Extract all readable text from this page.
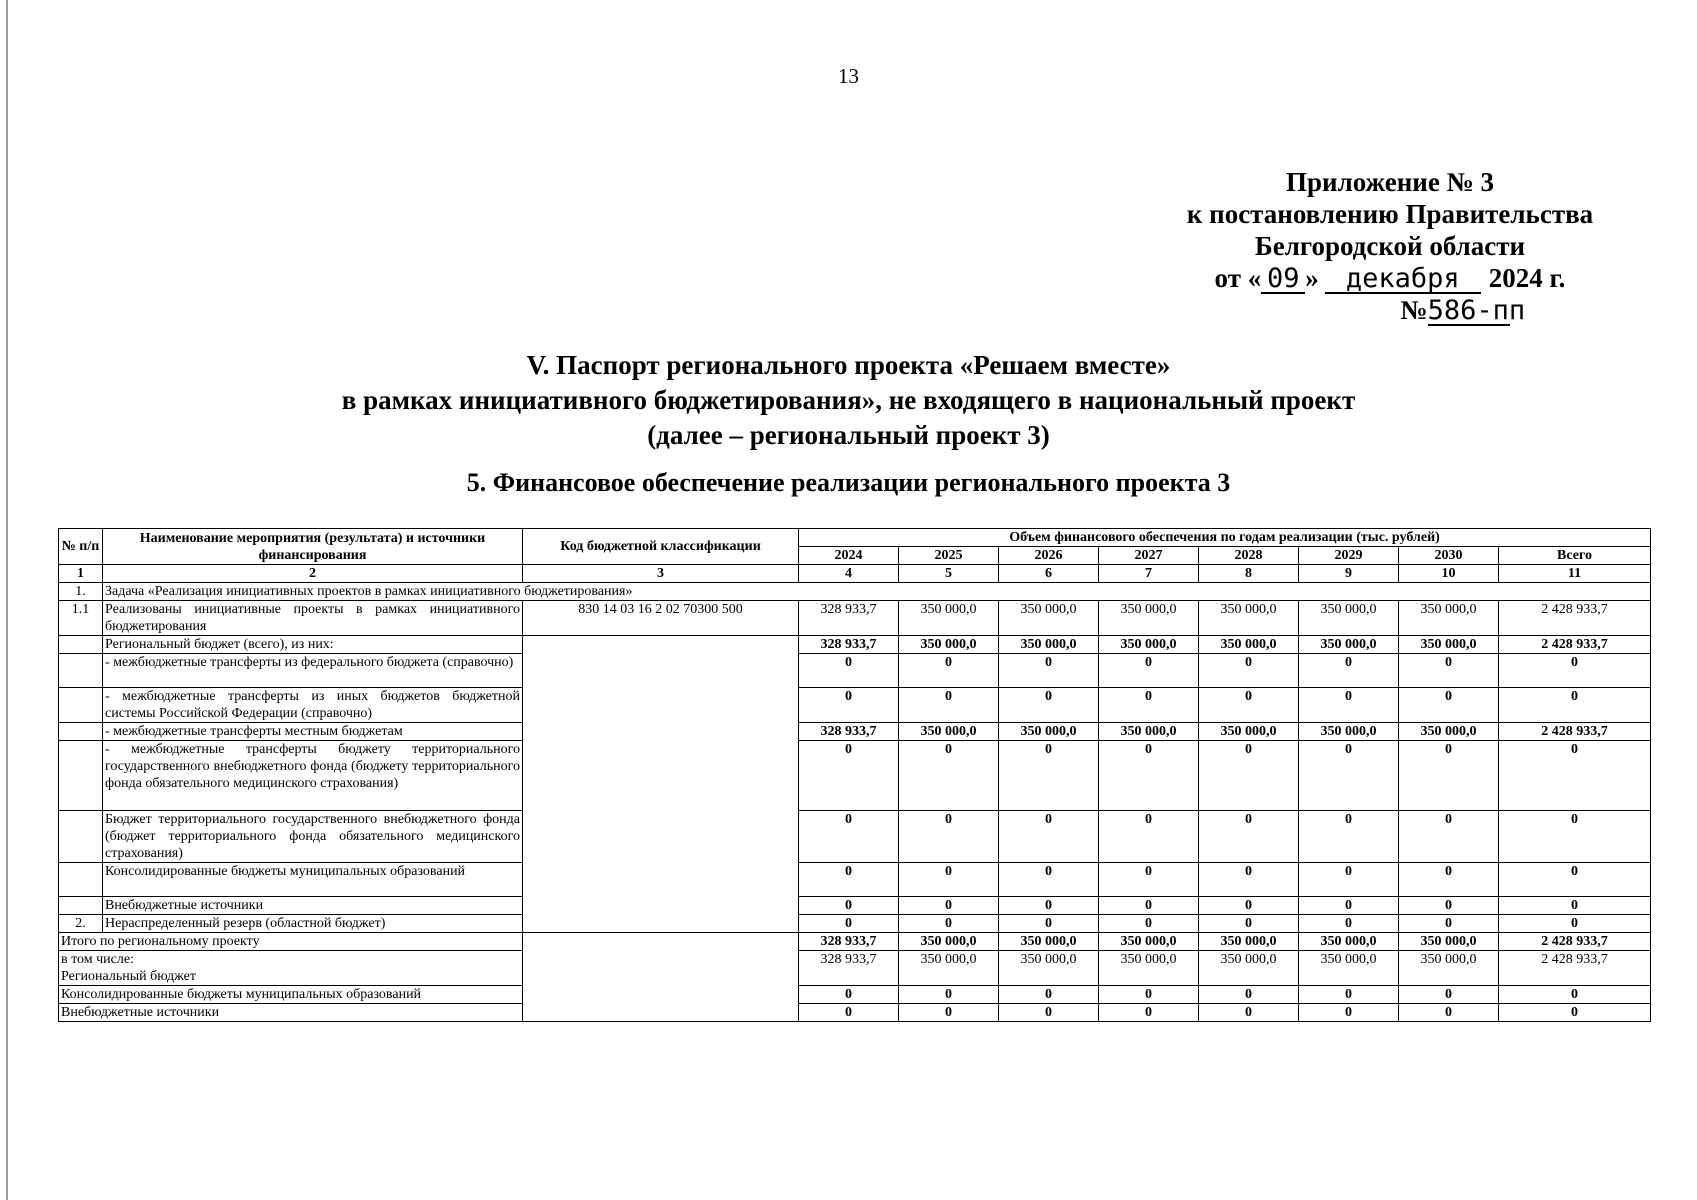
13
Приложение № 3
к постановлению Правительства
Белгородской области
от « 09 » декабря 2024 г.
№586-пп
V. Паспорт регионального проекта «Решаем вместе»
в рамках инициативного бюджетирования», не входящего в национальный проект
(далее – региональный проект 3)
5. Финансовое обеспечение реализации регионального проекта 3
№ п/п	Наименование мероприятия (результата) и источники финансирования	Код бюджетной классификации	Объем финансового обеспечения по годам реализации (тыс. рублей)							
			2024	2025	2026	2027	2028	2029	2030	Всего
1	2	3	4	5	6	7	8	9	10	11
1.	Задача «Реализация инициативных проектов в рамках инициативного бюджетирования»									
1.1	Реализованы инициативные проекты в рамках инициативного бюджетирования	830 14 03 16 2 02 70300 500	328 933,7	350 000,0	350 000,0	350 000,0	350 000,0	350 000,0	350 000,0	2 428 933,7
	Региональный бюджет (всего), из них:		328 933,7	350 000,0	350 000,0	350 000,0	350 000,0	350 000,0	350 000,0	2 428 933,7
	- межбюджетные трансферты из федерального бюджета (справочно)		0	0	0	0	0	0	0	0
	- межбюджетные трансферты из иных бюджетов бюджетной системы Российской Федерации (справочно)		0	0	0	0	0	0	0	0
	- межбюджетные трансферты местным бюджетам		328 933,7	350 000,0	350 000,0	350 000,0	350 000,0	350 000,0	350 000,0	2 428 933,7
	- межбюджетные трансферты бюджету территориального государственного внебюджетного фонда (бюджету территориального фонда обязательного медицинского страхования)		0	0	0	0	0	0	0	0
	Бюджет территориального государственного внебюджетного фонда (бюджет территориального фонда обязательного медицинского страхования)		0	0	0	0	0	0	0	0
	Консолидированные бюджеты муниципальных образований		0	0	0	0	0	0	0	0
	Внебюджетные источники		0	0	0	0	0	0	0	0
2.	Нераспределенный резерв (областной бюджет)		0	0	0	0	0	0	0	0
Итого по региональному проекту			328 933,7	350 000,0	350 000,0	350 000,0	350 000,0	350 000,0	350 000,0	2 428 933,7

в том числе:
Региональный бюджет			328 933,7	350 000,0	350 000,0	350 000,0	350 000,0	350 000,0	350 000,0	2 428 933,7
Консолидированные бюджеты муниципальных образований			0	0	0	0	0	0	0	0
Внебюджетные источники			0	0	0	0	0	0	0	0
